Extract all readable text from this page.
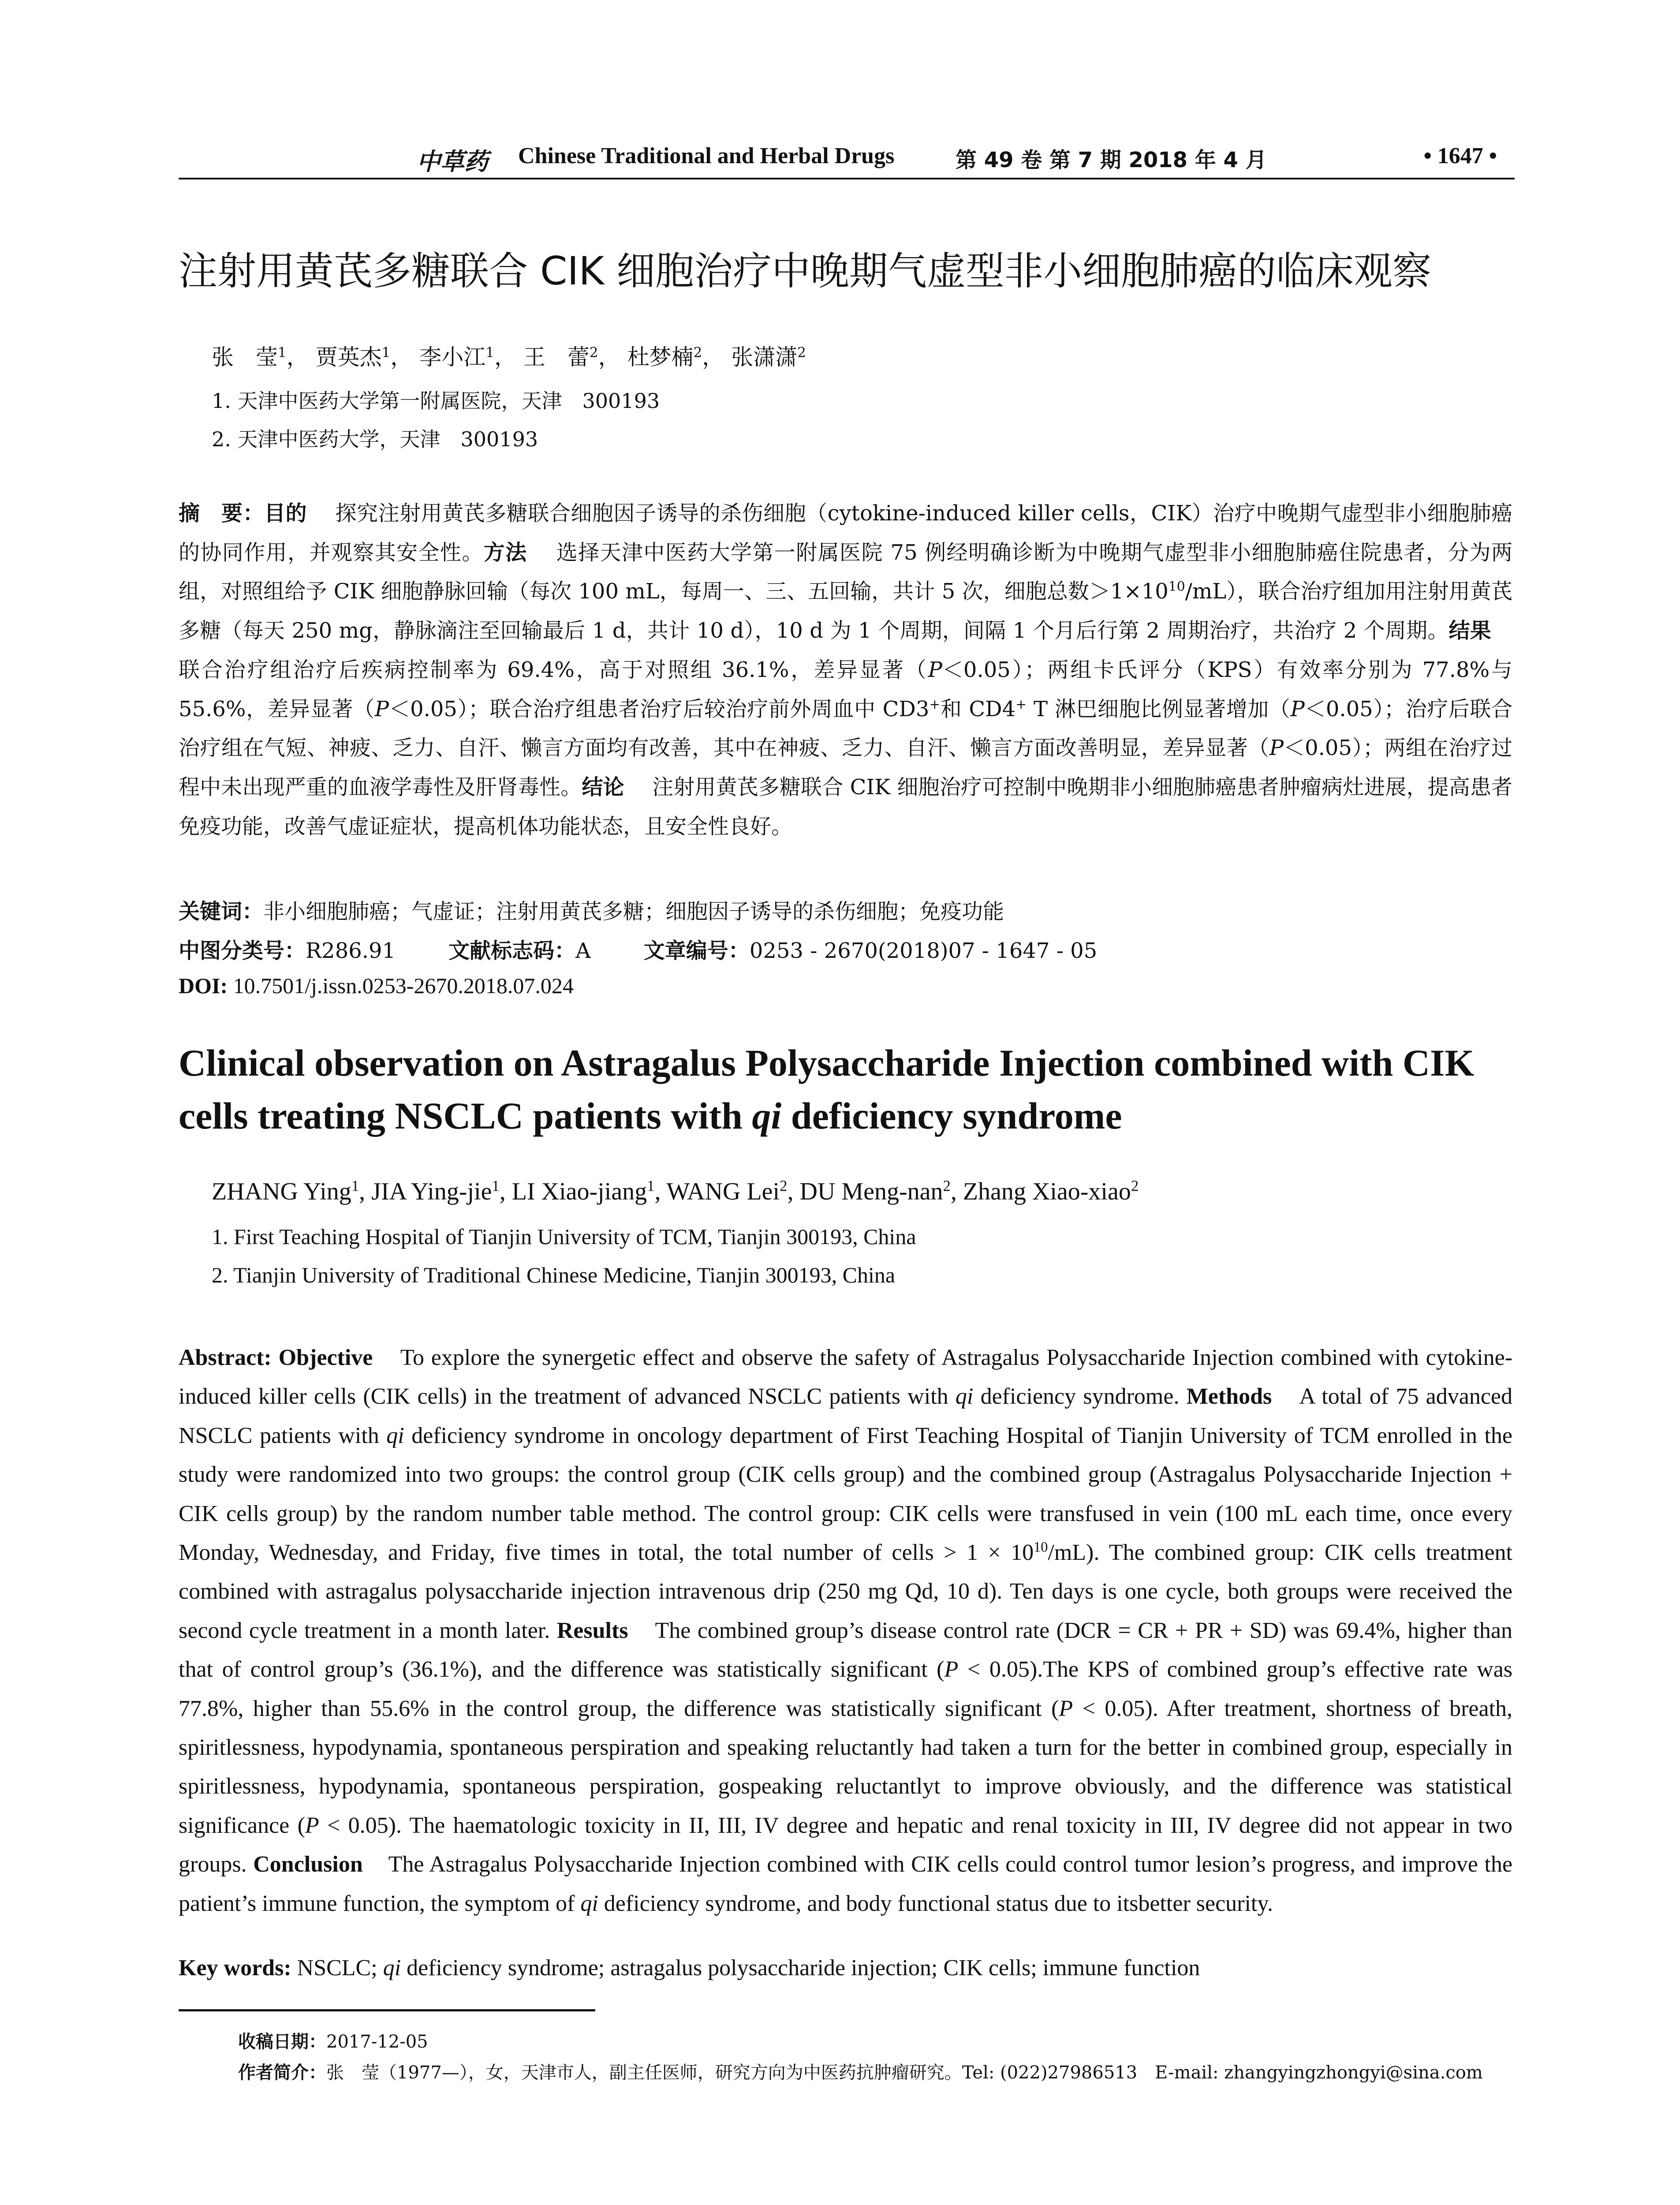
中草药 Chinese Traditional and Herbal Drugs	第 49 卷 第 7 期 2018 年 4 月	• 1647 •
注射用黄芪多糖联合 CIK 细胞治疗中晚期气虚型非小细胞肺癌的临床观察
张　莹$^1$， 贾英杰$^1$， 李小江$^1$， 王　蕾$^2$， 杜梦楠$^2$， 张潇潇$^2$
1. 天津中医药大学第一附属医院，天津　300193
2. 天津中医药大学，天津　300193
摘　要：目的　 探究注射用黄芪多糖联合细胞因子诱导的杀伤细胞（cytokine-induced killer cells，CIK）治疗中晚期气虚型非小细胞肺癌的协同作用，并观察其安全性。方法　 选择天津中医药大学第一附属医院 75 例经明确诊断为中晚期气虚型非小细胞肺癌住院患者，分为两组，对照组给予 CIK 细胞静脉回输（每次 100 mL，每周一、三、五回输，共计 5 次，细胞总数$>1\times 10^{10}/mL$），联合治疗组加用注射用黄芪多糖（每天 250 mg，静脉滴注至回输最后 1 d，共计 10 d），10 d 为 1 个周期，间隔 1 个月后行第 2 周期治疗，共治疗 2 个周期。结果　 联合治疗组治疗后疾病控制率为 69.4%，高于对照组 36.1%，差异显著（P＜0.05）；两组卡氏评分（KPS）有效率分别为 77.8%与 55.6%，差异显著（P＜0.05）；联合治疗组患者治疗后较治疗前外周血中 CD3+和 CD4+ T 淋巴细胞比例显著增加（P＜0.05）；治疗后联合治疗组在气短、神疲、乏力、自汗、懒言方面均有改善，其中在神疲、乏力、自汗、懒言方面改善明显，差异显著（P＜0.05）；两组在治疗过程中未出现严重的血液学毒性及肝肾毒性。结论　 注射用黄芪多糖联合 CIK 细胞治疗可控制中晚期非小细胞肺癌患者肿瘤病灶进展，提高患者免疫功能，改善气虚证症状，提高机体功能状态，且安全性良好。
关键词：非小细胞肺癌；气虚证；注射用黄芪多糖；细胞因子诱导的杀伤细胞；免疫功能
中图分类号：R286.91	文献标志码：A	文章编号：0253 - 2670(2018)07 - 1647 - 05
DOI: 10.7501/j.issn.0253-2670.2018.07.024
Clinical observation on Astragalus Polysaccharide Injection combined with CIK cells treating NSCLC patients with qi deficiency syndrome
ZHANG Ying$^1$, JIA Ying-jie$^1$, LI Xiao-jiang$^1$, WANG Lei$^2$, DU Meng-nan$^2$, Zhang Xiao-xiao$^2$
1. First Teaching Hospital of Tianjin University of TCM, Tianjin 300193, China
2. Tianjin University of Traditional Chinese Medicine, Tianjin 300193, China
Abstract: Objective To explore the synergetic effect and observe the safety of Astragalus Polysaccharide Injection combined with cytokine-induced killer cells (CIK cells) in the treatment of advanced NSCLC patients with qi deficiency syndrome. Methods A total of 75 advanced NSCLC patients with qi deficiency syndrome in oncology department of First Teaching Hospital of Tianjin University of TCM enrolled in the study were randomized into two groups: the control group (CIK cells group) and the combined group (Astragalus Polysaccharide Injection + CIK cells group) by the random number table method. The control group: CIK cells were transfused in vein (100 mL each time, once every Monday, Wednesday, and Friday, five times in total, the total number of cells > $1 \times 10^{10}/mL$). The combined group: CIK cells treatment combined with astragalus polysaccharide injection intravenous drip (250 mg Qd, 10 d). Ten days is one cycle, both groups were received the second cycle treatment in a month later. Results The combined group’s disease control rate (DCR = CR + PR + SD) was 69.4%, higher than that of control group’s (36.1%), and the difference was statistically significant (P < 0.05).The KPS of combined group’s effective rate was 77.8%, higher than 55.6% in the control group, the difference was statistically significant (P < 0.05). After treatment, shortness of breath, spiritlessness, hypodynamia, spontaneous perspiration and speaking reluctantly had taken a turn for the better in combined group, especially in spiritlessness, hypodynamia, spontaneous perspiration, gospeaking reluctantlyt to improve obviously, and the difference was statistical significance (P < 0.05). The haematologic toxicity in II, III, IV degree and hepatic and renal toxicity in III, IV degree did not appear in two groups. Conclusion The Astragalus Polysaccharide Injection combined with CIK cells could control tumor lesion’s progress, and improve the patient’s immune function, the symptom of qi deficiency syndrome, and body functional status due to itsbetter security.
Key words: NSCLC; qi deficiency syndrome; astragalus polysaccharide injection; CIK cells; immune function
收稿日期：2017-12-05
作者简介：张　莹（1977—），女，天津市人，副主任医师，研究方向为中医药抗肿瘤研究。Tel: (022)27986513　E-mail: zhangyingzhongyi@sina.com
